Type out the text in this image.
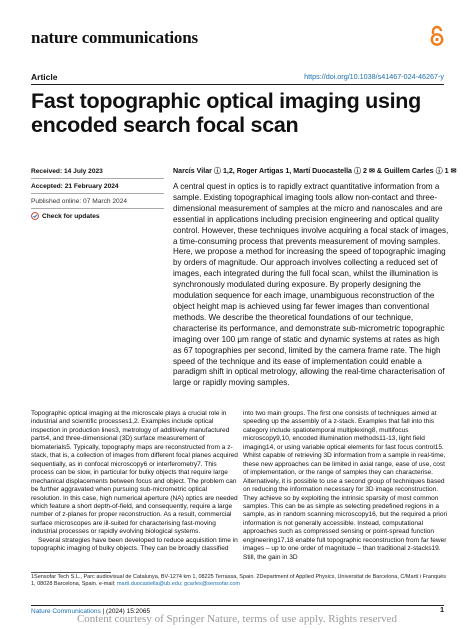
nature communications
Article	https://doi.org/10.1038/s41467-024-46267-y
Fast topographic optical imaging using encoded search focal scan
Received: 14 July 2023
Accepted: 21 February 2024
Published online: 07 March 2024
Check for updates
Narcís Vilar ⓘ 1,2, Roger Artigas 1, Martí Duocastella ⓘ 2 ✉ & Guillem Carles ⓘ 1 ✉
A central quest in optics is to rapidly extract quantitative information from a sample. Existing topographical imaging tools allow non-contact and three-dimensional measurement of samples at the micro and nanoscales and are essential in applications including precision engineering and optical quality control. However, these techniques involve acquiring a focal stack of images, a time-consuming process that prevents measurement of moving samples. Here, we propose a method for increasing the speed of topographic imaging by orders of magnitude. Our approach involves collecting a reduced set of images, each integrated during the full focal scan, whilst the illumination is synchronously modulated during exposure. By properly designing the modulation sequence for each image, unambiguous reconstruction of the object height map is achieved using far fewer images than conventional methods. We describe the theoretical foundations of our technique, characterise its performance, and demonstrate sub-micrometric topographic imaging over 100 μm range of static and dynamic systems at rates as high as 67 topographies per second, limited by the camera frame rate. The high speed of the technique and its ease of implementation could enable a paradigm shift in optical metrology, allowing the real-time characterisation of large or rapidly moving samples.

Topographic optical imaging at the microscale plays a crucial role in industrial and scientific processes1,2. Examples include optical inspection in production lines3, metrology of additively manufactured parts4, and three-dimensional (3D) surface measurement of biomaterials5. Typically, topography maps are reconstructed from a z-stack, that is, a collection of images from different focal planes acquired sequentially, as in confocal microscopy6 or interferometry7. This process can be slow, in particular for bulky objects that require large mechanical displacements between focus and object. The problem can be further aggravated when pursuing sub-micrometric optical resolution. In this case, high numerical aperture (NA) optics are needed which feature a short depth-of-field, and consequently, require a large number of z-planes for proper reconstruction. As a result, commercial surface microscopes are ill-suited for characterising fast-moving industrial processes or rapidly evolving biological systems.

Several strategies have been developed to reduce acquisition time in topographic imaging of bulky objects. They can be broadly classified

into two main groups. The first one consists of techniques aimed at speeding up the assembly of a z-stack. Examples that fall into this category include spatiotemporal multiplexing8, multifocus microscopy9,10, encoded illumination methods11-13, light field imaging14, or using variable optical elements for fast focus control15. Whilst capable of retrieving 3D information from a sample in real-time, these new approaches can be limited in axial range, ease of use, cost of implementation, or the range of samples they can characterise. Alternatively, it is possible to use a second group of techniques based on reducing the information necessary for 3D image reconstruction. They achieve so by exploiting the intrinsic sparsity of most common samples. This can be as simple as selecting predefined regions in a sample, as in random scanning microscopy16, but the required a priori information is not generally accessible. Instead, computational approaches such as compressed sensing or point-spread function engineering17,18 enable full topographic reconstruction from far fewer images – up to one order of magnitude – than traditional z-stacks19. Still, the gain in 3D

1Sensofar Tech S.L., Parc audiovisual de Catalunya, BV-1274 km 1, 08225 Terrassa, Spain. 2Department of Applied Physics, Universitat de Barcelona, C/Martí i Franquès 1, 08028 Barcelona, Spain. e-mail: marti.duocastella@ub.edu; gcarles@sensofar.com
Nature Communications | (2024) 15:2065	1
Content courtesy of Springer Nature, terms of use apply. Rights reserved
